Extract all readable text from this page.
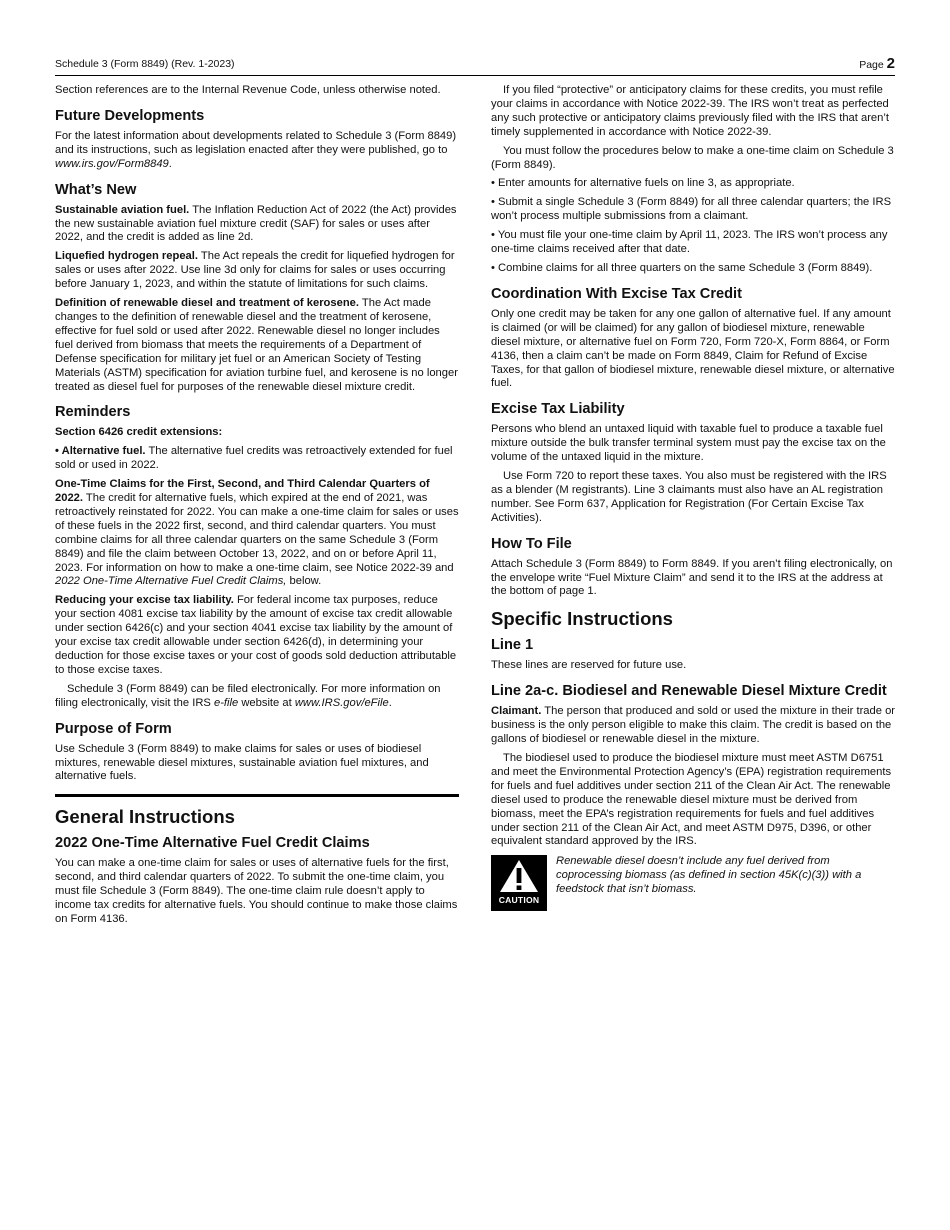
Schedule 3 (Form 8849) (Rev. 1-2023)	Page 2

Section references are to the Internal Revenue Code, unless otherwise noted.

Future Developments

For the latest information about developments related to Schedule 3 (Form 8849) and its instructions, such as legislation enacted after they were published, go to www.irs.gov/Form8849.

What’s New

Sustainable aviation fuel. The Inflation Reduction Act of 2022 (the Act) provides the new sustainable aviation fuel mixture credit (SAF) for sales or uses after 2022, and the credit is added as line 2d.

Liquefied hydrogen repeal. The Act repeals the credit for liquefied hydrogen for sales or uses after 2022. Use line 3d only for claims for sales or uses occurring before January 1, 2023, and within the statute of limitations for such claims.

Definition of renewable diesel and treatment of kerosene. The Act made changes to the definition of renewable diesel and the treatment of kerosene, effective for fuel sold or used after 2022. Renewable diesel no longer includes fuel derived from biomass that meets the requirements of a Department of Defense specification for military jet fuel or an American Society of Testing Materials (ASTM) specification for aviation turbine fuel, and kerosene is no longer treated as diesel fuel for purposes of the renewable diesel mixture credit.

Reminders

Section 6426 credit extensions:

• Alternative fuel. The alternative fuel credits was retroactively extended for fuel sold or used in 2022.

One-Time Claims for the First, Second, and Third Calendar Quarters of 2022. The credit for alternative fuels, which expired at the end of 2021, was retroactively reinstated for 2022. You can make a one-time claim for sales or uses of these fuels in the 2022 first, second, and third calendar quarters. You must combine claims for all three calendar quarters on the same Schedule 3 (Form 8849) and file the claim between October 13, 2022, and on or before April 11, 2023. For information on how to make a one-time claim, see Notice 2022-39 and 2022 One-Time Alternative Fuel Credit Claims, below.

Reducing your excise tax liability. For federal income tax purposes, reduce your section 4081 excise tax liability by the amount of excise tax credit allowable under section 6426(c) and your section 4041 excise tax liability by the amount of your excise tax credit allowable under section 6426(d), in determining your deduction for those excise taxes or your cost of goods sold deduction attributable to those excise taxes.

Schedule 3 (Form 8849) can be filed electronically. For more information on filing electronically, visit the IRS e-file website at www.IRS.gov/eFile.

Purpose of Form

Use Schedule 3 (Form 8849) to make claims for sales or uses of biodiesel mixtures, renewable diesel mixtures, sustainable aviation fuel mixtures, and alternative fuels.

General Instructions
2022 One-Time Alternative Fuel Credit Claims

You can make a one-time claim for sales or uses of alternative fuels for the first, second, and third calendar quarters of 2022. To submit the one-time claim, you must file Schedule 3 (Form 8849). The one-time claim rule doesn’t apply to income tax credits for alternative fuels. You should continue to make those claims on Form 4136.

If you filed “protective” or anticipatory claims for these credits, you must refile your claims in accordance with Notice 2022-39. The IRS won’t treat as perfected any such protective or anticipatory claims previously filed with the IRS that aren’t timely supplemented in accordance with Notice 2022-39.

You must follow the procedures below to make a one-time claim on Schedule 3 (Form 8849).

• Enter amounts for alternative fuels on line 3, as appropriate.

• Submit a single Schedule 3 (Form 8849) for all three calendar quarters; the IRS won’t process multiple submissions from a claimant.

• You must file your one-time claim by April 11, 2023. The IRS won’t process any one-time claims received after that date.

• Combine claims for all three quarters on the same Schedule 3 (Form 8849).

Coordination With Excise Tax Credit

Only one credit may be taken for any one gallon of alternative fuel. If any amount is claimed (or will be claimed) for any gallon of biodiesel mixture, renewable diesel mixture, or alternative fuel on Form 720, Form 720-X, Form 8864, or Form 4136, then a claim can’t be made on Form 8849, Claim for Refund of Excise Taxes, for that gallon of biodiesel mixture, renewable diesel mixture, or alternative fuel.

Excise Tax Liability

Persons who blend an untaxed liquid with taxable fuel to produce a taxable fuel mixture outside the bulk transfer terminal system must pay the excise tax on the volume of the untaxed liquid in the mixture.

Use Form 720 to report these taxes. You also must be registered with the IRS as a blender (M registrants). Line 3 claimants must also have an AL registration number. See Form 637, Application for Registration (For Certain Excise Tax Activities).

How To File

Attach Schedule 3 (Form 8849) to Form 8849. If you aren’t filing electronically, on the envelope write “Fuel Mixture Claim” and send it to the IRS at the address at the bottom of page 1.

Specific Instructions
Line 1

These lines are reserved for future use.

Line 2a-c. Biodiesel and Renewable Diesel Mixture Credit

Claimant. The person that produced and sold or used the mixture in their trade or business is the only person eligible to make this claim. The credit is based on the gallons of biodiesel or renewable diesel in the mixture.

The biodiesel used to produce the biodiesel mixture must meet ASTM D6751 and meet the Environmental Protection Agency’s (EPA) registration requirements for fuels and fuel additives under section 211 of the Clean Air Act. The renewable diesel used to produce the renewable diesel mixture must be derived from biomass, meet the EPA’s registration requirements for fuels and fuel additives under section 211 of the Clean Air Act, and meet ASTM D975, D396, or other equivalent standard approved by the IRS.

CAUTION
Renewable diesel doesn’t include any fuel derived from coprocessing biomass (as defined in section 45K(c)(3)) with a feedstock that isn’t biomass.
